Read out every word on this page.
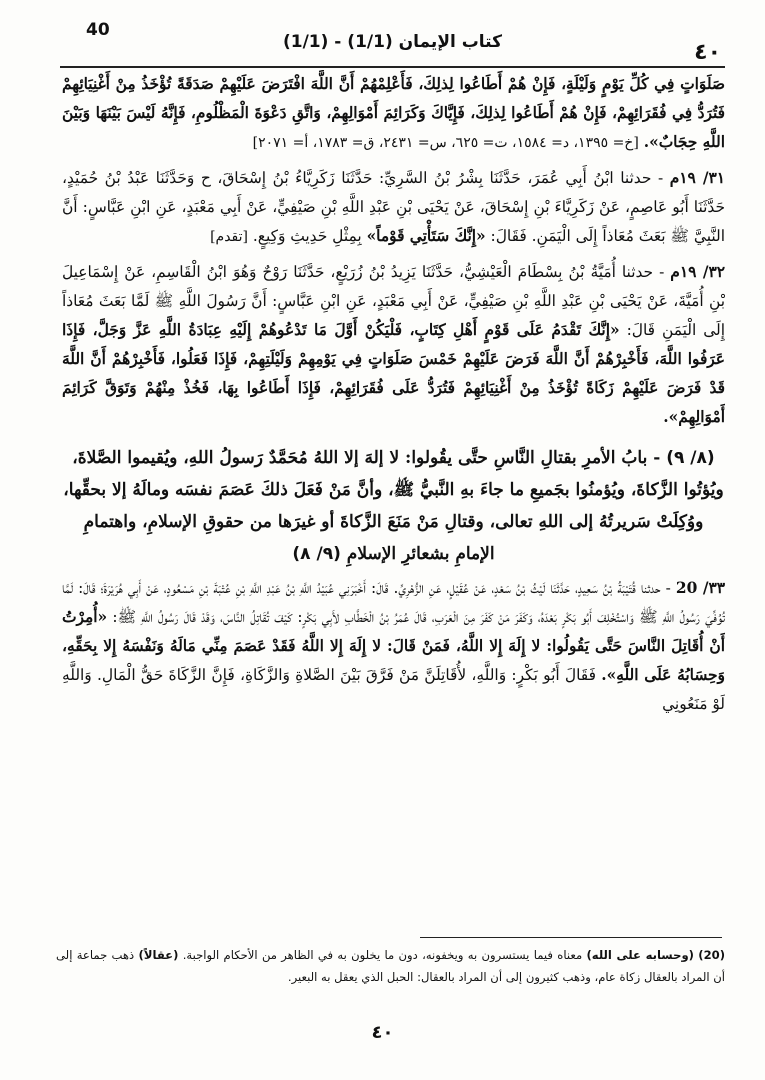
40
(1/1) - كتاب الإيمان (1/1)	٤٠

صَلَوَاتٍ فِي كُلِّ يَوْمٍ وَلَيْلَةٍ، فَإِنْ هُمْ أَطَاعُوا لِذلِكَ، فَأَعْلِمْهُمْ أَنَّ اللَّهَ افْتَرَضَ عَلَيْهِمْ صَدَقَةً تُؤْخَذُ مِنْ أَغْنِيَائِهِمْ فَتُرَدُّ فِي فُقَرَائِهِمْ، فَإِنْ هُمْ أَطَاعُوا لِذلِكَ، فَإِيَّاكَ وَكَرَائِمَ أَمْوَالِهِمْ، وَاتَّقِ دَعْوَةَ الْمَظْلُومِ، فَإِنَّهُ لَيْسَ بَيْنَهَا وَبَيْنَ اللَّهِ حِجَابٌ». [خ= ١٣٩٥، د= ١٥٨٤، ت= ٦٢٥، س= ٢٤٣١، ق= ١٧٨٣، أ= ٢٠٧١]

٣١/ ١٩م - حدثنا ابْنُ أَبِي عُمَرَ، حَدَّثَنَا بِشْرُ بْنُ السَّرِيِّ: حَدَّثَنَا زَكَرِيَّاءُ بْنُ إِسْحَاقَ، ح وَحَدَّثَنَا عَبْدُ بْنُ حُمَيْدٍ، حَدَّثَنَا أَبُو عَاصِمٍ، عَنْ زَكَرِيَّاءَ بْنِ إِسْحَاقَ، عَنْ يَحْيَى بْنِ عَبْدِ اللَّهِ بْنِ صَيْفِيٍّ، عَنْ أَبِي مَعْبَدٍ، عَنِ ابْنِ عَبَّاسٍ: أَنَّ النَّبِيَّ ﷺ بَعَثَ مُعَاذاً إِلَى الْيَمَنِ. فَقَالَ: «إِنَّكَ سَتَأْتِي قَوْماً» بِمِثْلِ حَدِيثِ وَكِيعٍ. [تقدم]

٣٢/ ١٩م - حدثنا أُمَيَّةُ بْنُ بِسْطَامَ الْعَيْشِيُّ، حَدَّثَنَا يَزِيدُ بْنُ زُرَيْعٍ، حَدَّثَنَا رَوْحٌ وَهُوَ ابْنُ الْقَاسِمِ، عَنْ إِسْمَاعِيلَ بْنِ أُمَيَّةَ، عَنْ يَحْيَى بْنِ عَبْدِ اللَّهِ بْنِ صَيْفِيٍّ، عَنْ أَبِي مَعْبَدٍ، عَنِ ابْنِ عَبَّاسٍ: أَنَّ رَسُولَ اللَّهِ ﷺ لَمَّا بَعَثَ مُعَاذاً إِلَى الْيَمَنِ قَالَ: «إِنَّكَ تَقْدَمُ عَلَى قَوْمٍ أَهْلِ كِتَابٍ، فَلْيَكُنْ أَوَّلَ مَا تَدْعُوهُمْ إِلَيْهِ عِبَادَةُ اللَّهِ عَزَّ وَجَلَّ، فَإِذَا عَرَفُوا اللَّهَ، فَأَخْبِرْهُمْ أَنَّ اللَّهَ فَرَضَ عَلَيْهِمْ خَمْسَ صَلَوَاتٍ فِي يَوْمِهِمْ وَلَيْلَتِهِمْ، فَإِذَا فَعَلُوا، فَأَخْبِرْهُمْ أَنَّ اللَّهَ قَدْ فَرَضَ عَلَيْهِمْ زَكَاةً تُؤْخَذُ مِنْ أَغْنِيَائِهِمْ فَتُرَدُّ عَلَى فُقَرَائِهِمْ، فَإِذَا أَطَاعُوا بِهَا، فَخُذْ مِنْهُمْ وَتَوَقَّ كَرَائِمَ أَمْوَالِهِمْ».

(٨/ ٩) - بابُ الأمرِ بقتالِ النَّاسِ حتَّى يقُولوا: لا إلهَ إلا اللهُ مُحَمَّدٌ رَسولُ اللهِ، ويُقيموا الصَّلاةَ، ويُؤتُوا الزَّكاةَ، ويُؤمنُوا بجَميعِ ما جاءَ بهِ النَّبيُّ ﷺ، وأنَّ مَنْ فَعَلَ ذلكَ عَصَمَ نفسَه ومالَهُ إلا بحقِّها، ووُكِلَتْ سَريرتُهُ إلى اللهِ تعالى، وقتالِ مَنْ مَنَعَ الزَّكاةَ أو غيرَها من حقوقِ الإسلامِ، واهتمامِ الإمامِ بشعائرِ الإسلامِ (٩/ ٨)

٣٣/ 20 - حدثنا قُتَيْبَةُ بْنُ سَعِيدٍ، حَدَّثَنَا لَيْثُ بْنُ سَعْدٍ، عَنْ عُقَيْلٍ، عَنِ الزُّهْرِيِّ. قَالَ: أَخْبَرَنِي عُبَيْدُ اللَّهِ بْنُ عَبْدِ اللَّهِ بْنِ عُتْبَةَ بْنِ مَسْعُودٍ، عَنْ أَبِي هُرَيْرَةَ؛ قَالَ: لَمَّا تُوُفِّيَ رَسُولُ اللَّهِ ﷺ وَاسْتُخْلِفَ أَبُو بَكْرٍ بَعْدَهُ، وَكَفَرَ مَنْ كَفَرَ مِنَ الْعَرَبِ، قَالَ عُمَرُ بْنُ الْخَطَّابِ لأَبِي بَكْرٍ: كَيْفَ تُقَاتِلُ النَّاسَ، وَقَدْ قَالَ رَسُولُ اللَّهِ ﷺ: «أُمِرْتُ أَنْ أُقَاتِلَ النَّاسَ حَتَّى يَقُولُوا: لا إِلَهَ إِلا اللَّهُ، فَمَنْ قَالَ: لا إِلَهَ إِلا اللَّهُ فَقَدْ عَصَمَ مِنِّي مَالَهُ وَنَفْسَهُ إِلا بِحَقِّهِ، وَحِسَابُهُ عَلَى اللَّهِ». فَقَالَ أَبُو بَكْرٍ: وَاللَّهِ، لأُقَاتِلَنَّ مَنْ فَرَّقَ بَيْنَ الصَّلاةِ وَالزَّكَاةِ، فَإِنَّ الزَّكَاةَ حَقُّ الْمَالِ. وَاللَّهِ لَوْ مَنَعُونِي

(20) (وحسابه على الله) معناه فيما يستسرون به ويخفونه، دون ما يخلون به في الظاهر من الأحكام الواجبة. (عقالاً) ذهب جماعة إلى أن المراد بالعقال زكاة عام، وذهب كثيرون إلى أن المراد بالعقال: الحبل الذي يعقل به البعير.
٤٠
